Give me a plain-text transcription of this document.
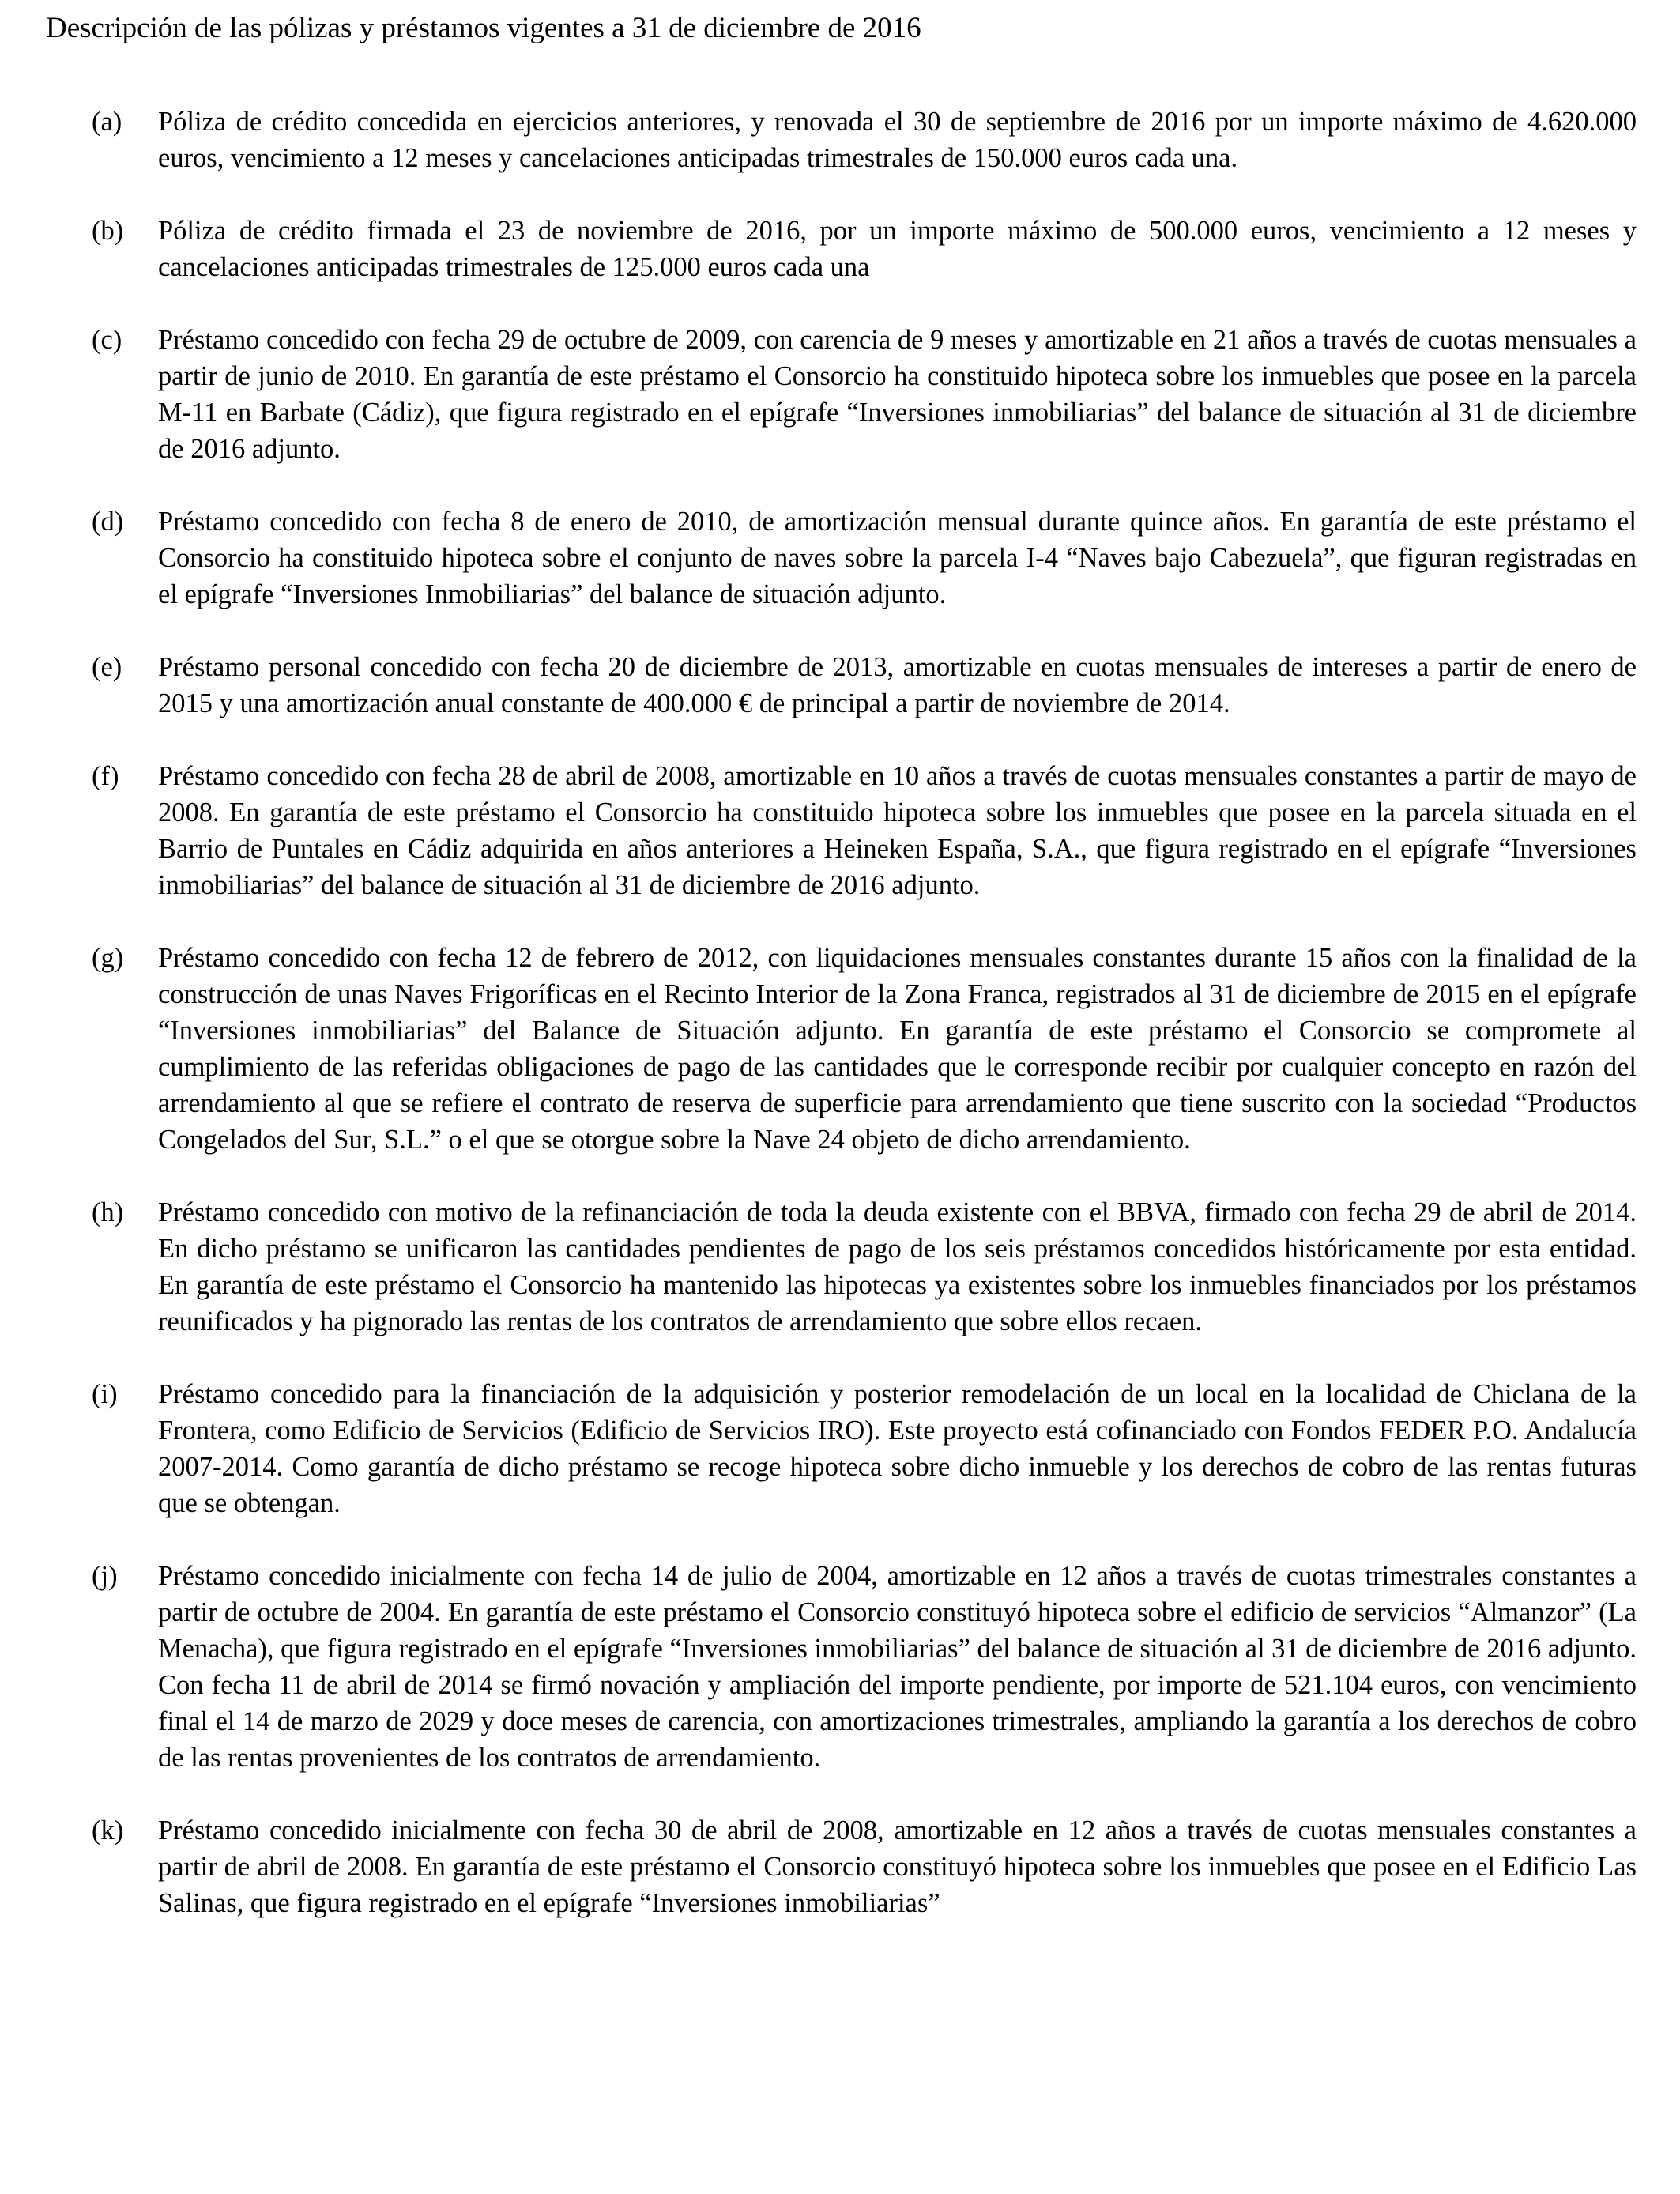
Descripción de las pólizas y préstamos vigentes a 31 de diciembre de 2016
(a)	Póliza de crédito concedida en ejercicios anteriores, y renovada el 30 de septiembre de 2016 por un importe máximo de 4.620.000 euros, vencimiento a 12 meses y cancelaciones anticipadas trimestrales de 150.000 euros cada una.
(b)	Póliza de crédito firmada el 23 de noviembre de 2016, por un importe máximo de 500.000 euros, vencimiento a 12 meses y cancelaciones anticipadas trimestrales de 125.000 euros cada una
(c)	Préstamo concedido con fecha 29 de octubre de 2009, con carencia de 9 meses y amortizable en 21 años a través de cuotas mensuales a partir de junio de 2010. En garantía de este préstamo el Consorcio ha constituido hipoteca sobre los inmuebles que posee en la parcela M-11 en Barbate (Cádiz), que figura registrado en el epígrafe “Inversiones inmobiliarias” del balance de situación al 31 de diciembre de 2016 adjunto.
(d)	Préstamo concedido con fecha 8 de enero de 2010, de amortización mensual durante quince años. En garantía de este préstamo el Consorcio ha constituido hipoteca sobre el conjunto de naves sobre la parcela I-4 “Naves bajo Cabezuela”, que figuran registradas en el epígrafe “Inversiones Inmobiliarias” del balance de situación adjunto.
(e)	Préstamo personal concedido con fecha 20 de diciembre de 2013, amortizable en cuotas mensuales de intereses a partir de enero de 2015 y una amortización anual constante de 400.000 € de principal a partir de noviembre de 2014.
(f)	Préstamo concedido con fecha 28 de abril de 2008, amortizable en 10 años a través de cuotas mensuales constantes a partir de mayo de 2008. En garantía de este préstamo el Consorcio ha constituido hipoteca sobre los inmuebles que posee en la parcela situada en el Barrio de Puntales en Cádiz adquirida en años anteriores a Heineken España, S.A., que figura registrado en el epígrafe “Inversiones inmobiliarias” del balance de situación al 31 de diciembre de 2016 adjunto.
(g)	Préstamo concedido con fecha 12 de febrero de 2012, con liquidaciones mensuales constantes durante 15 años con la finalidad de la construcción de unas Naves Frigoríficas en el Recinto Interior de la Zona Franca, registrados al 31 de diciembre de 2015 en el epígrafe “Inversiones inmobiliarias” del Balance de Situación adjunto. En garantía de este préstamo el Consorcio se compromete al cumplimiento de las referidas obligaciones de pago de las cantidades que le corresponde recibir por cualquier concepto en razón del arrendamiento al que se refiere el contrato de reserva de superficie para arrendamiento que tiene suscrito con la sociedad “Productos Congelados del Sur, S.L.” o el que se otorgue sobre la Nave 24 objeto de dicho arrendamiento.
(h)	Préstamo concedido con motivo de la refinanciación de toda la deuda existente con el BBVA, firmado con fecha 29 de abril de 2014. En dicho préstamo se unificaron las cantidades pendientes de pago de los seis préstamos concedidos históricamente por esta entidad. En garantía de este préstamo el Consorcio ha mantenido las hipotecas ya existentes sobre los inmuebles financiados por los préstamos reunificados y ha pignorado las rentas de los contratos de arrendamiento que sobre ellos recaen.
(i)	Préstamo concedido para la financiación de la adquisición y posterior remodelación de un local en la localidad de Chiclana de la Frontera, como Edificio de Servicios (Edificio de Servicios IRO). Este proyecto está cofinanciado con Fondos FEDER P.O. Andalucía 2007-2014. Como garantía de dicho préstamo se recoge hipoteca sobre dicho inmueble y los derechos de cobro de las rentas futuras que se obtengan.
(j)	Préstamo concedido inicialmente con fecha 14 de julio de 2004, amortizable en 12 años a través de cuotas trimestrales constantes a partir de octubre de 2004. En garantía de este préstamo el Consorcio constituyó hipoteca sobre el edificio de servicios “Almanzor” (La Menacha), que figura registrado en el epígrafe “Inversiones inmobiliarias” del balance de situación al 31 de diciembre de 2016 adjunto. Con fecha 11 de abril de 2014 se firmó novación y ampliación del importe pendiente, por importe de 521.104 euros, con vencimiento final el 14 de marzo de 2029 y doce meses de carencia, con amortizaciones trimestrales, ampliando la garantía a los derechos de cobro de las rentas provenientes de los contratos de arrendamiento.
(k)	Préstamo concedido inicialmente con fecha 30 de abril de 2008, amortizable en 12 años a través de cuotas mensuales constantes a partir de abril de 2008. En garantía de este préstamo el Consorcio constituyó hipoteca sobre los inmuebles que posee en el Edificio Las Salinas, que figura registrado en el epígrafe “Inversiones inmobiliarias”
